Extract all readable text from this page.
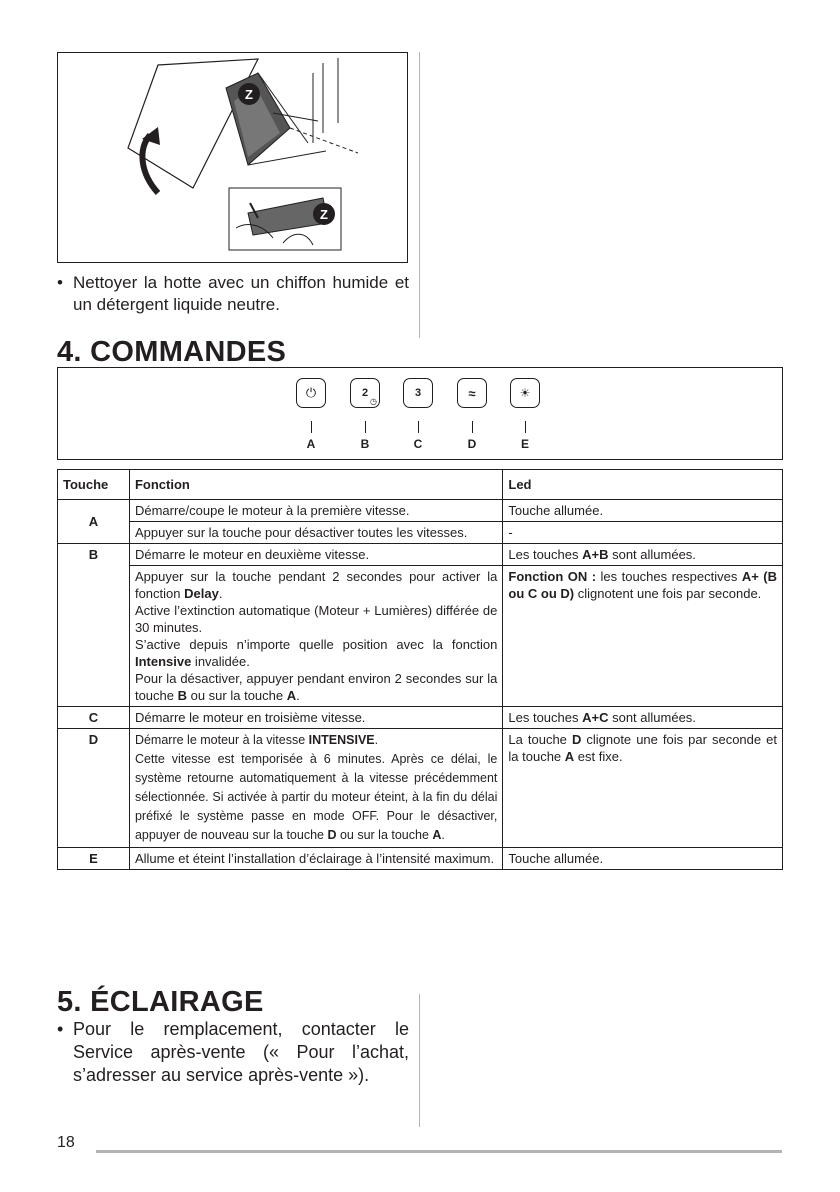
Z
Z
• Nettoyer la hotte avec un chiffon humide et un détergent liquide neutre.
4. COMMANDES
⏻	2
◷
3	≈	☀
A	B	C	D	E
Touche	Fonction	Led
A	Démarre/coupe le moteur à la première vitesse.	Touche allumée.
	Appuyer sur la touche pour désactiver toutes les vitesses.	-
B	Démarre le moteur en deuxième vitesse.	Les touches A+B sont allumées.
	Appuyer sur la touche pendant 2 secondes pour activer la fonction Delay.
Active l’extinction automatique (Moteur + Lumières) différée de 30 minutes.
S’active depuis n’importe quelle position avec la fonction Intensive invalidée.
Pour la désactiver, appuyer pendant environ 2 secondes sur la touche B ou sur la touche A.	Fonction ON : les touches respectives A+ (B ou C ou D) clignotent une fois par seconde.
C	Démarre le moteur en troisième vitesse.	Les touches A+C sont allumées.
D	Démarre le moteur à la vitesse INTENSIVE.
Cette vitesse est temporisée à 6 minutes. Après ce délai, le système retourne automatiquement à la vitesse précédemment sélectionnée. Si activée à partir du moteur éteint, à la fin du délai préfixé le système passe en mode OFF. Pour le désactiver, appuyer de nouveau sur la touche D ou sur la touche A.	La touche D clignote une fois par seconde et la touche A est fixe.
E	Allume et éteint l’installation d’éclairage à l’intensité maximum.	Touche allumée.
5. ÉCLAIRAGE
• Pour le remplacement, contacter le Service après-vente (« Pour l’achat, s’adresser au service après-vente »).
18
